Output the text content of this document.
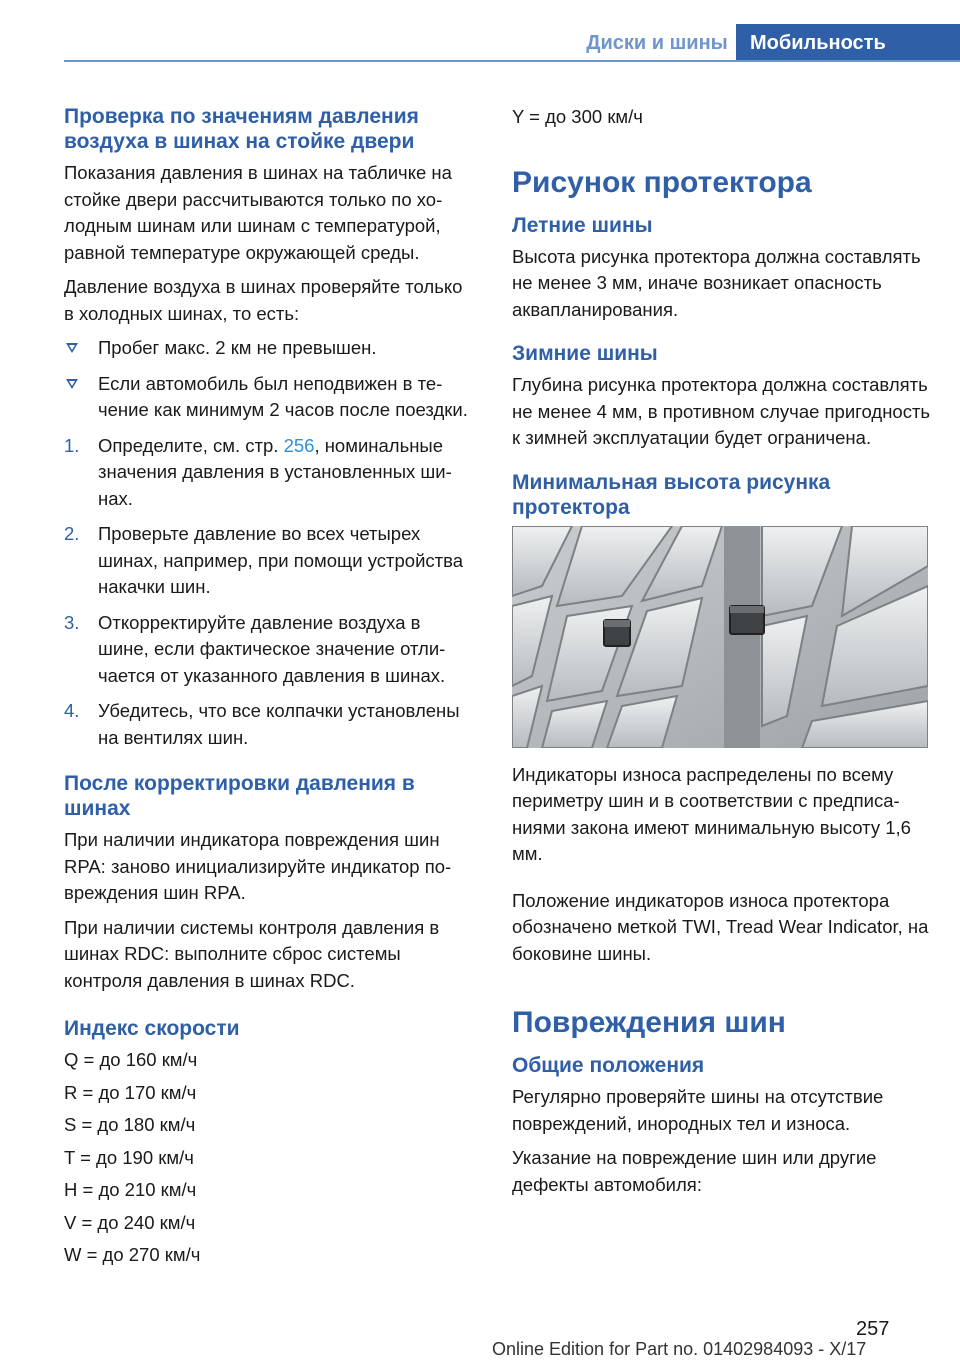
Диски и шины	Мобильность
Проверка по значениям давления воздуха в шинах на стойке двери

Показания давления в шинах на табличке на стойке двери рассчитываются только по холодным шинам или шинам с температурой, равной температуре окружающей среды.

Давление воздуха в шинах проверяйте только в холодных шинах, то есть:

Пробег макс. 2 км не превышен.
Если автомобиль был неподвижен в течение как минимум 2 часов после поездки.
1. Определите, см. стр. 256, номинальные значения давления в установленных шинах.
2. Проверьте давление во всех четырех шинах, например, при помощи устройства накачки шин.
3. Откорректируйте давление воздуха в шине, если фактическое значение отличается от указанного давления в шинах.
4. Убедитесь, что все колпачки установлены на вентилях шин.
После корректировки давления в шинах

При наличии индикатора повреждения шин RPA: заново инициализируйте индикатор повреждения шин RPA.

При наличии системы контроля давления в шинах RDC: выполните сброс системы контроля давления в шинах RDC.

Индекс скорости

Q = до 160 км/ч

R = до 170 км/ч

S = до 180 км/ч

T = до 190 км/ч

H = до 210 км/ч

V = до 240 км/ч

W = до 270 км/ч

Y = до 300 км/ч

Рисунок протектора
Летние шины

Высота рисунка протектора должна составлять не менее 3 мм, иначе возникает опасность аквапланирования.

Зимние шины

Глубина рисунка протектора должна составлять не менее 4 мм, в противном случае пригодность к зимней эксплуатации будет ограничена.

Минимальная высота рисунка протектора

Индикаторы износа распределены по всему периметру шин и в соответствии с предписаниями закона имеют минимальную высоту 1,6 мм.

Положение индикаторов износа протектора обозначено меткой TWI, Tread Wear Indicator, на боковине шины.

Повреждения шин
Общие положения

Регулярно проверяйте шины на отсутствие повреждений, инородных тел и износа.

Указание на повреждение шин или другие дефекты автомобиля:

257
Online Edition for Part no. 01402984093 - X/17
